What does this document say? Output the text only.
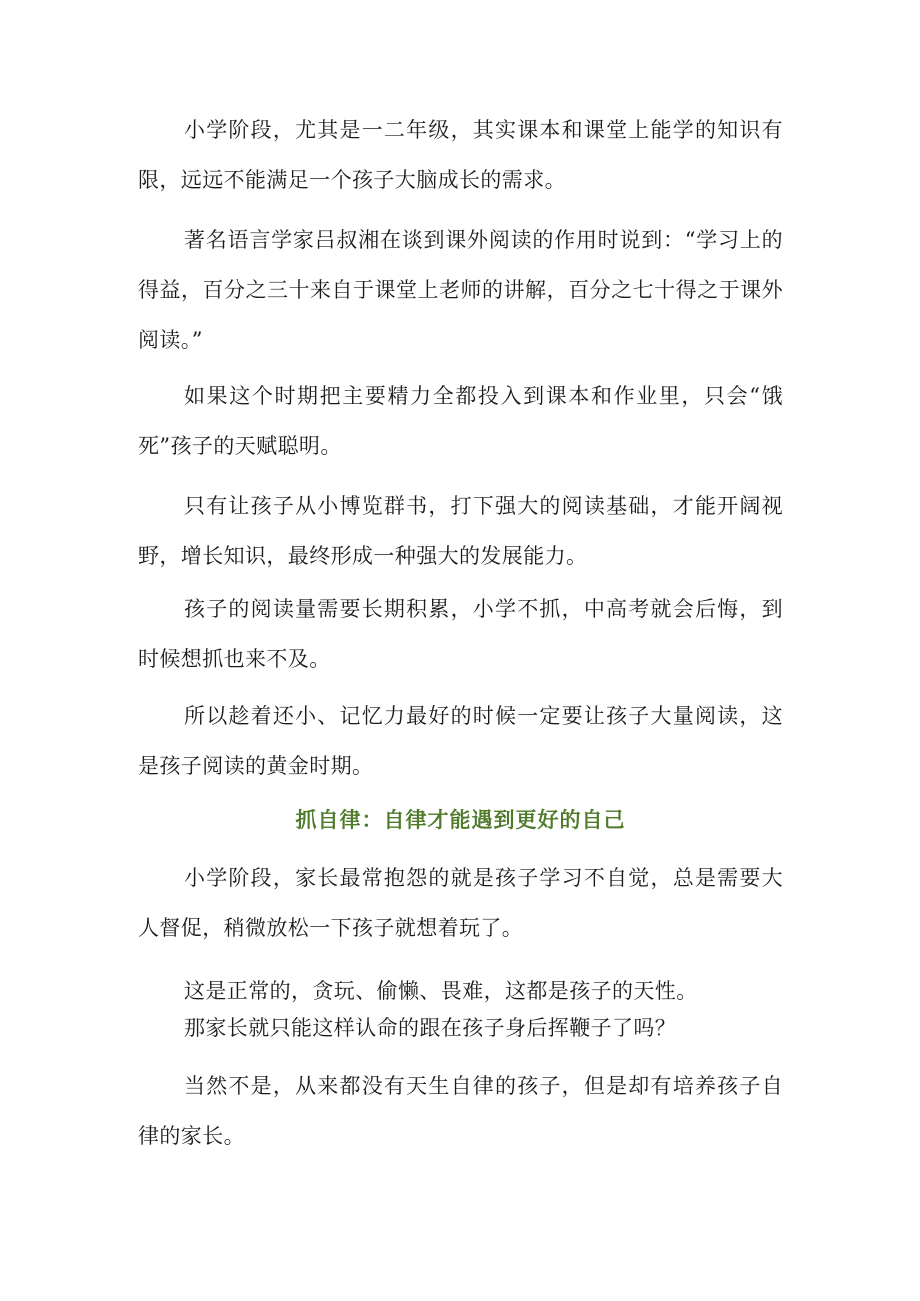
小学阶段，尤其是一二年级，其实课本和课堂上能学的知识有限，远远不能满足一个孩子大脑成长的需求。

著名语言学家吕叔湘在谈到课外阅读的作用时说到：“学习上的得益，百分之三十来自于课堂上老师的讲解，百分之七十得之于课外阅读。”

如果这个时期把主要精力全都投入到课本和作业里，只会“饿死”孩子的天赋聪明。

只有让孩子从小博览群书，打下强大的阅读基础，才能开阔视野，增长知识，最终形成一种强大的发展能力。

孩子的阅读量需要长期积累，小学不抓，中高考就会后悔，到时候想抓也来不及。

所以趁着还小、记忆力最好的时候一定要让孩子大量阅读，这是孩子阅读的黄金时期。

抓自律：自律才能遇到更好的自己

小学阶段，家长最常抱怨的就是孩子学习不自觉，总是需要大人督促，稍微放松一下孩子就想着玩了。

这是正常的，贪玩、偷懒、畏难，这都是孩子的天性。

那家长就只能这样认命的跟在孩子身后挥鞭子了吗？

当然不是，从来都没有天生自律的孩子，但是却有培养孩子自律的家长。
